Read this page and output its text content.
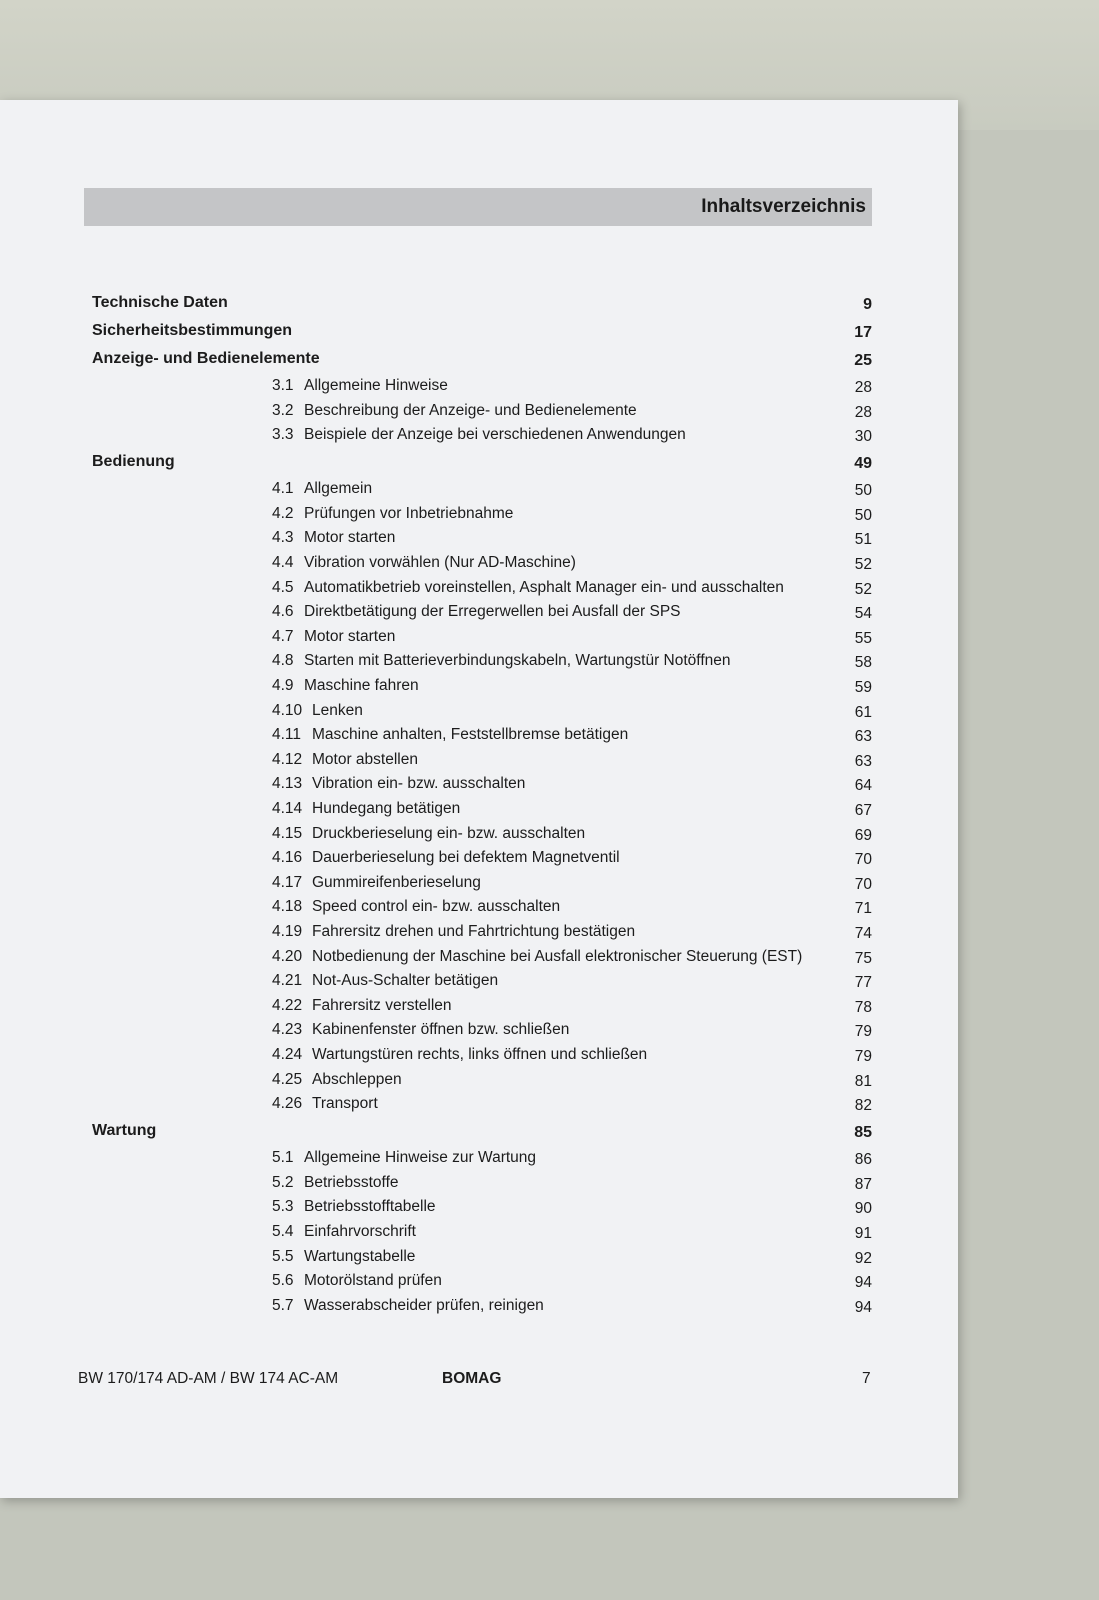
Inhaltsverzeichnis
Technische Daten	9
Sicherheitsbestimmungen	17
Anzeige- und Bedienelemente	25
3.1 Allgemeine Hinweise	28
3.2 Beschreibung der Anzeige- und Bedienelemente	28
3.3 Beispiele der Anzeige bei verschiedenen Anwendungen	30
Bedienung	49
4.1 Allgemein	50
4.2 Prüfungen vor Inbetriebnahme	50
4.3 Motor starten	51
4.4 Vibration vorwählen (Nur AD-Maschine)	52
4.5 Automatikbetrieb voreinstellen, Asphalt Manager ein- und ausschalten	52
4.6 Direktbetätigung der Erregerwellen bei Ausfall der SPS	54
4.7 Motor starten	55
4.8 Starten mit Batterieverbindungskabeln, Wartungstür Notöffnen	58
4.9 Maschine fahren	59
4.10 Lenken	61
4.11 Maschine anhalten, Feststellbremse betätigen	63
4.12 Motor abstellen	63
4.13 Vibration ein- bzw. ausschalten	64
4.14 Hundegang betätigen	67
4.15 Druckberieselung ein- bzw. ausschalten	69
4.16 Dauerberieselung bei defektem Magnetventil	70
4.17 Gummireifenberieselung	70
4.18 Speed control ein- bzw. ausschalten	71
4.19 Fahrersitz drehen und Fahrtrichtung bestätigen	74
4.20 Notbedienung der Maschine bei Ausfall elektronischer Steuerung (EST)	75
4.21 Not-Aus-Schalter betätigen	77
4.22 Fahrersitz verstellen	78
4.23 Kabinenfenster öffnen bzw. schließen	79
4.24 Wartungstüren rechts, links öffnen und schließen	79
4.25 Abschleppen	81
4.26 Transport	82
Wartung	85
5.1 Allgemeine Hinweise zur Wartung	86
5.2 Betriebsstoffe	87
5.3 Betriebsstofftabelle	90
5.4 Einfahrvorschrift	91
5.5 Wartungstabelle	92
5.6 Motorölstand prüfen	94
5.7 Wasserabscheider prüfen, reinigen	94
BW 170/174 AD-AM / BW 174 AC-AM	BOMAG	7
